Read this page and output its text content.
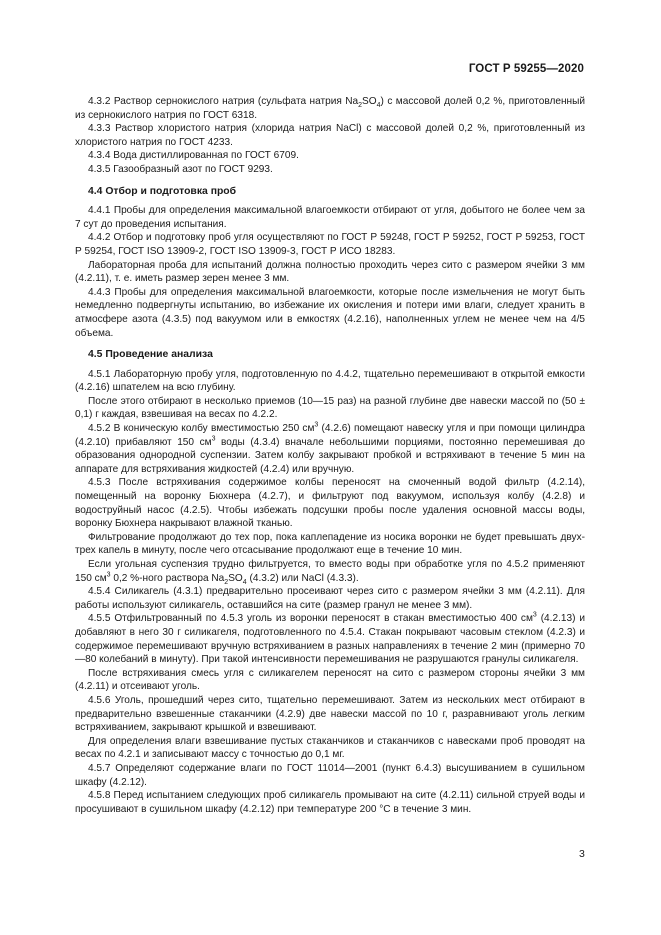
ГОСТ Р 59255—2020

4.3.2 Раствор сернокислого натрия (сульфата натрия $Na_2SO_4$) с массовой долей 0,2 %, приготовленный из сернокислого натрия по ГОСТ 6318.

4.3.3 Раствор хлористого натрия (хлорида натрия NaCl) с массовой долей 0,2 %, приготовленный из хлористого натрия по ГОСТ 4233.

4.3.4 Вода дистиллированная по ГОСТ 6709.

4.3.5 Газообразный азот по ГОСТ 9293.

4.4 Отбор и подготовка проб

4.4.1 Пробы для определения максимальной влагоемкости отбирают от угля, добытого не более чем за 7 сут до проведения испытания.

4.4.2 Отбор и подготовку проб угля осуществляют по ГОСТ Р 59248, ГОСТ Р 59252, ГОСТ Р 59253, ГОСТ Р 59254, ГОСТ ISO 13909-2, ГОСТ ISO 13909-3, ГОСТ Р ИСО 18283.

Лабораторная проба для испытаний должна полностью проходить через сито с размером ячейки 3 мм (4.2.11), т. е. иметь размер зерен менее 3 мм.

4.4.3 Пробы для определения максимальной влагоемкости, которые после измельчения не могут быть немедленно подвергнуты испытанию, во избежание их окисления и потери ими влаги, следует хранить в атмосфере азота (4.3.5) под вакуумом или в емкостях (4.2.16), наполненных углем не менее чем на 4/5 объема.

4.5 Проведение анализа

4.5.1 Лабораторную пробу угля, подготовленную по 4.4.2, тщательно перемешивают в открытой емкости (4.2.16) шпателем на всю глубину.

После этого отбирают в несколько приемов (10—15 раз) на разной глубине две навески массой по (50 ± 0,1) г каждая, взвешивая на весах по 4.2.2.

4.5.2 В коническую колбу вместимостью 250 $см^3$ (4.2.6) помещают навеску угля и при помощи цилиндра (4.2.10) прибавляют 150 $см^3$ воды (4.3.4) вначале небольшими порциями, постоянно перемешивая до образования однородной суспензии. Затем колбу закрывают пробкой и встряхивают в течение 5 мин на аппарате для встряхивания жидкостей (4.2.4) или вручную.

4.5.3 После встряхивания содержимое колбы переносят на смоченный водой фильтр (4.2.14), помещенный на воронку Бюхнера (4.2.7), и фильтруют под вакуумом, используя колбу (4.2.8) и водоструйный насос (4.2.5). Чтобы избежать подсушки пробы после удаления основной массы воды, воронку Бюхнера накрывают влажной тканью.

Фильтрование продолжают до тех пор, пока каплепадение из носика воронки не будет превышать двух-трех капель в минуту, после чего отсасывание продолжают еще в течение 10 мин.

Если угольная суспензия трудно фильтруется, то вместо воды при обработке угля по 4.5.2 применяют 150 $см^3$ 0,2 %-ного раствора $Na_2SO_4$ (4.3.2) или NaCl (4.3.3).

4.5.4 Силикагель (4.3.1) предварительно просеивают через сито с размером ячейки 3 мм (4.2.11). Для работы используют силикагель, оставшийся на сите (размер гранул не менее 3 мм).

4.5.5 Отфильтрованный по 4.5.3 уголь из воронки переносят в стакан вместимостью 400 $см^3$ (4.2.13) и добавляют в него 30 г силикагеля, подготовленного по 4.5.4. Стакан покрывают часовым стеклом (4.2.3) и содержимое перемешивают вручную встряхиванием в разных направлениях в течение 2 мин (примерно 70—80 колебаний в минуту). При такой интенсивности перемешивания не разрушаются гранулы силикагеля.

После встряхивания смесь угля с силикагелем переносят на сито с размером стороны ячейки 3 мм (4.2.11) и отсеивают уголь.

4.5.6 Уголь, прошедший через сито, тщательно перемешивают. Затем из нескольких мест отбирают в предварительно взвешенные стаканчики (4.2.9) две навески массой по 10 г, разравнивают уголь легким встряхиванием, закрывают крышкой и взвешивают.

Для определения влаги взвешивание пустых стаканчиков и стаканчиков с навесками проб проводят на весах по 4.2.1 и записывают массу с точностью до 0,1 мг.

4.5.7 Определяют содержание влаги по ГОСТ 11014—2001 (пункт 6.4.3) высушиванием в сушильном шкафу (4.2.12).

4.5.8 Перед испытанием следующих проб силикагель промывают на сите (4.2.11) сильной струей воды и просушивают в сушильном шкафу (4.2.12) при температуре 200 °С в течение 3 мин.

3
